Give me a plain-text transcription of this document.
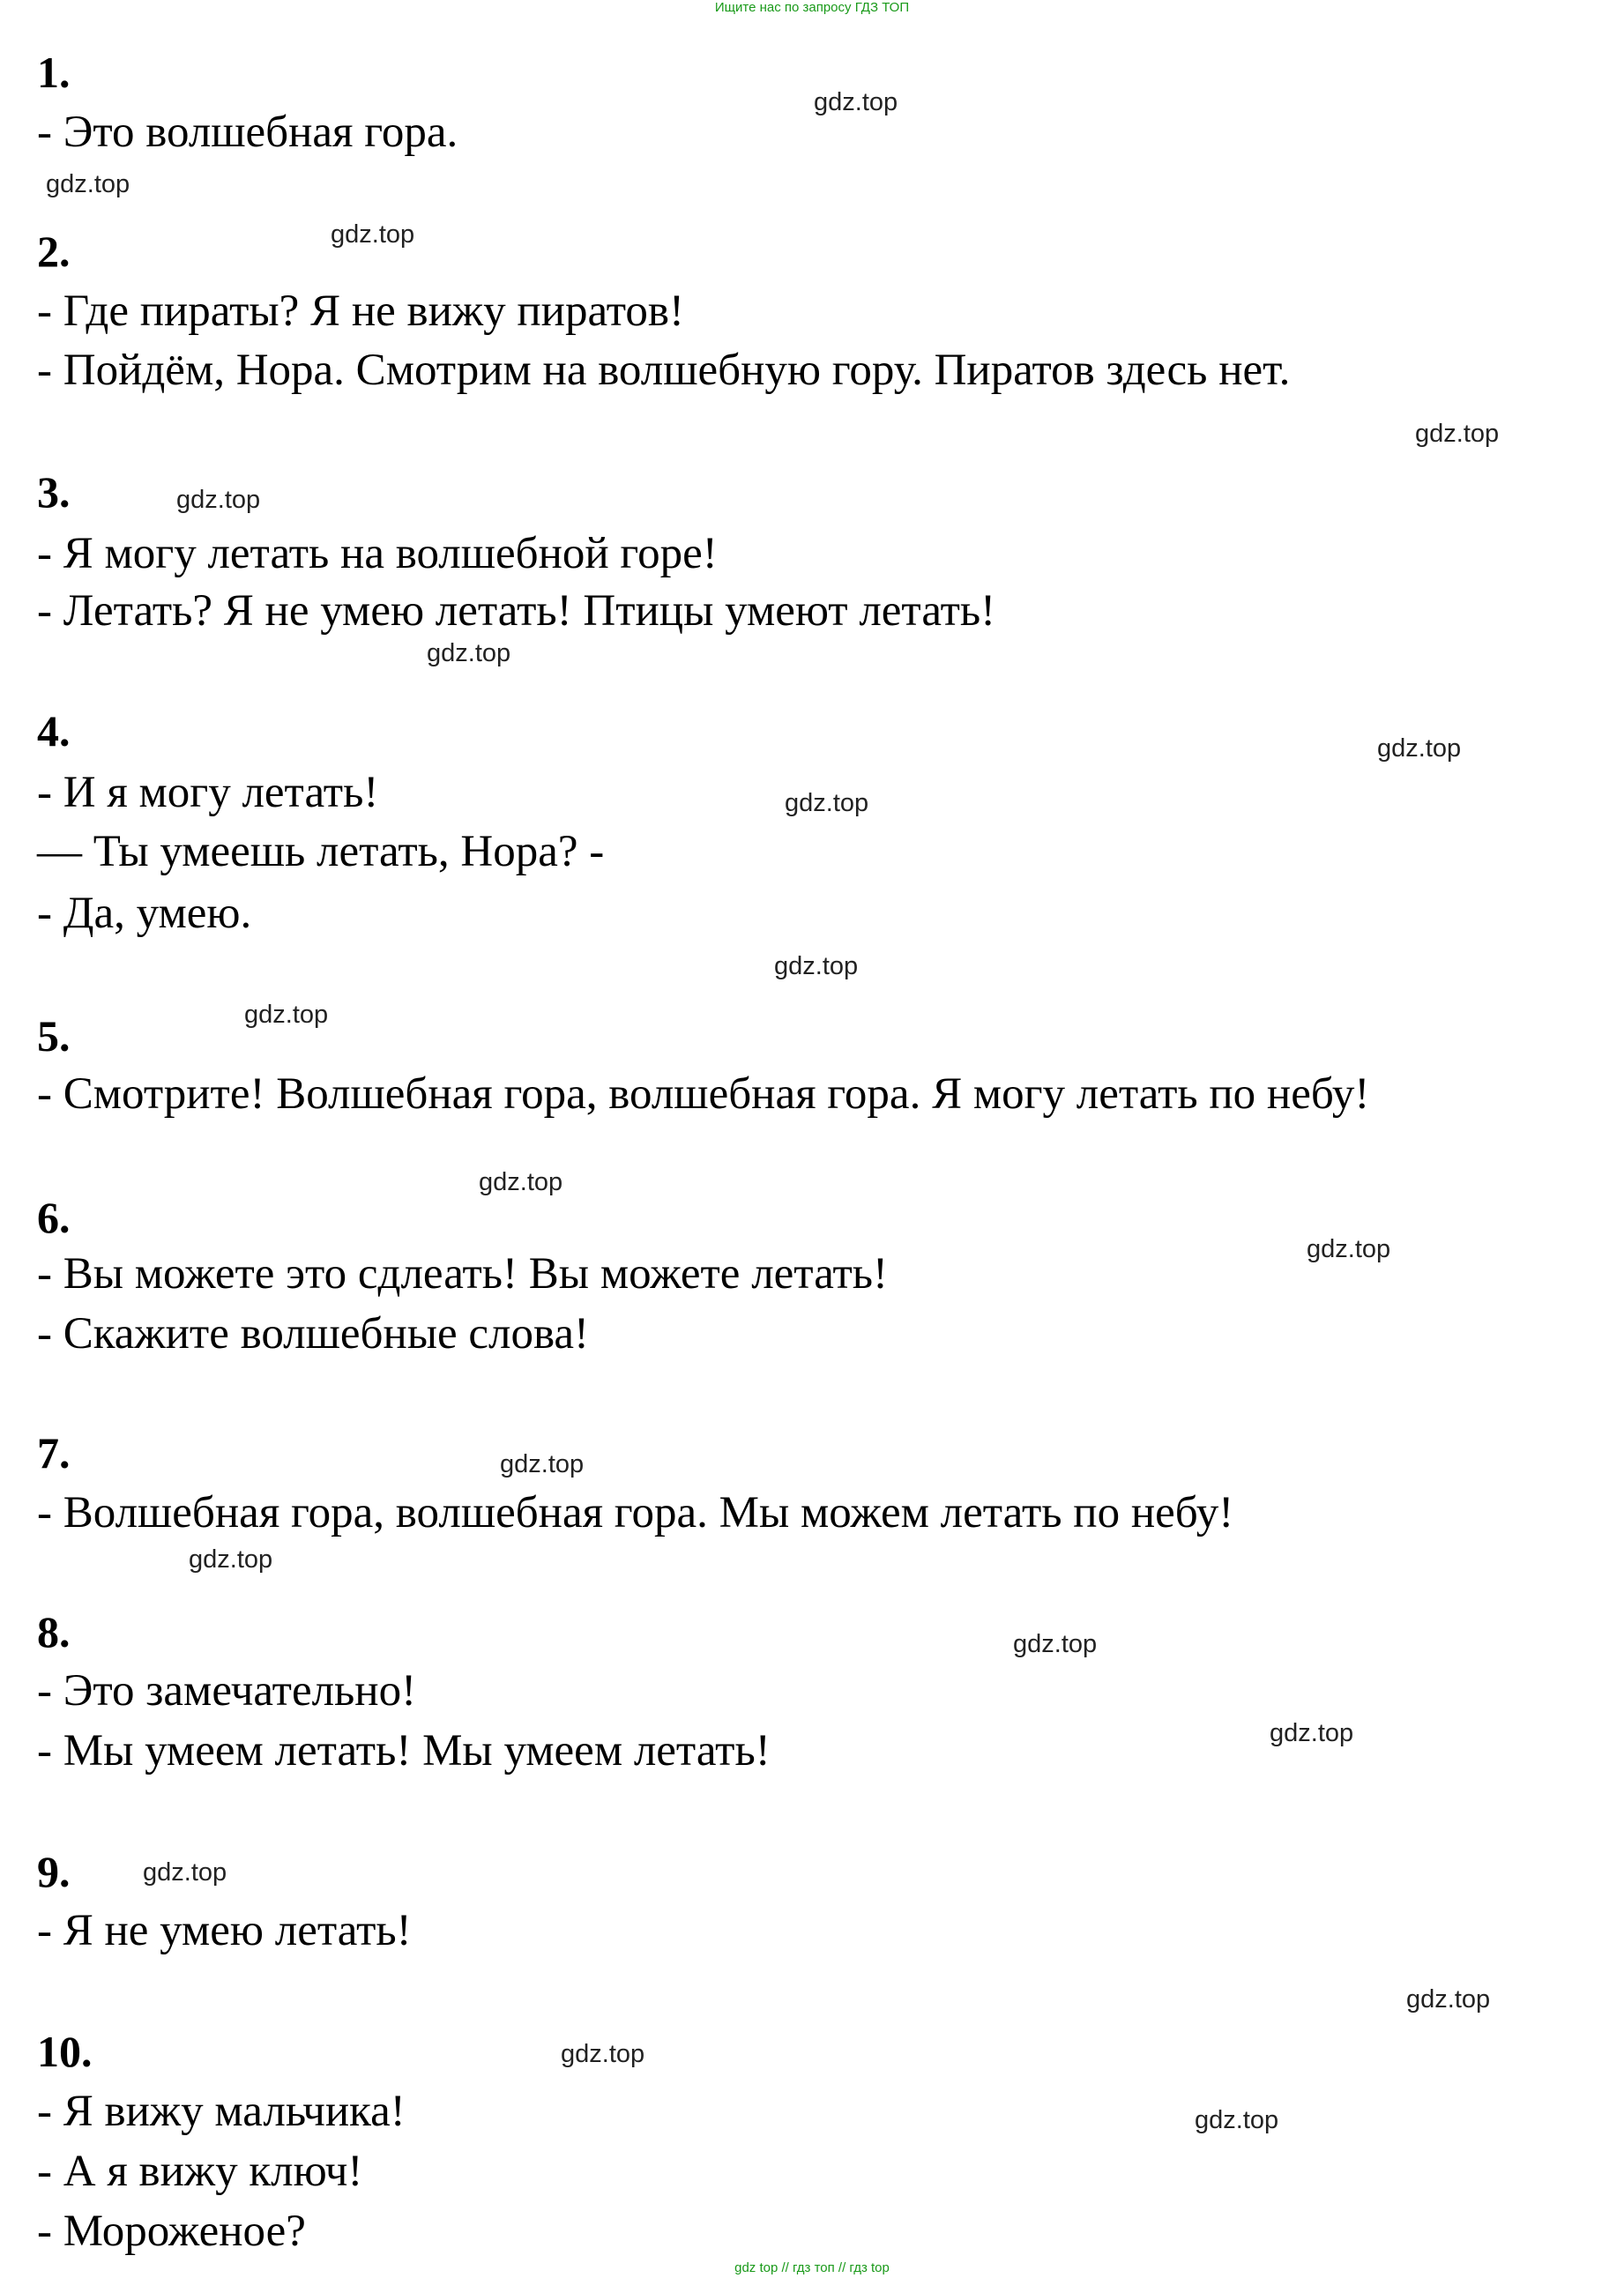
Ищите нас по запросу ГДЗ ТОП
1.
- Это волшебная гора.
2.
- Где пираты? Я не вижу пиратов!
- Пойдём, Нора. Смотрим на волшебную гору. Пиратов здесь нет.
3.
- Я могу летать на волшебной горе!
- Летать? Я не умею летать! Птицы умеют летать!
4.
- И я могу летать!
— Ты умеешь летать, Нора? -
- Да, умею.
5.
- Смотрите! Волшебная гора, волшебная гора. Я могу летать по небу!
6.
- Вы можете это сдлеать! Вы можете летать!
- Скажите волшебные слова!
7.
- Волшебная гора, волшебная гора. Мы можем летать по небу!
8.
- Это замечательно!
- Мы умеем летать! Мы умеем летать!
9.
- Я не умею летать!
10.
- Я вижу мальчика!
- А я вижу ключ!
- Мороженое?
gdz.top
gdz.top
gdz.top
gdz.top
gdz.top
gdz.top
gdz.top
gdz.top
gdz.top
gdz.top
gdz.top
gdz.top
gdz.top
gdz.top
gdz.top
gdz.top
gdz.top
gdz.top
gdz.top
gdz.top
gdz top // гдз топ // гдз top
